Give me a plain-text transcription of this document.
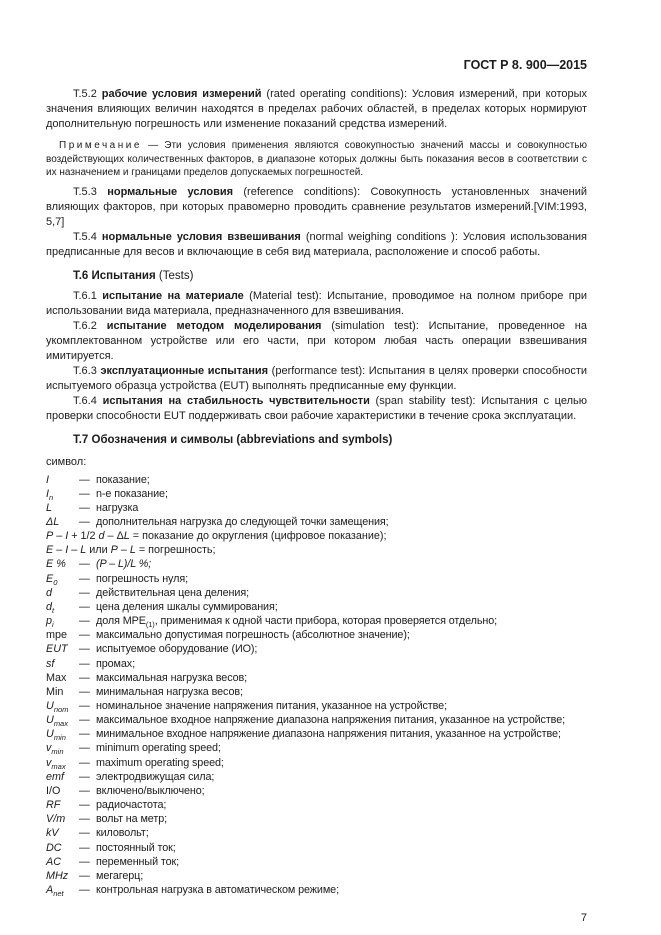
ГОСТ Р 8. 900—2015

Т.5.2 рабочие условия измерений (rated operating conditions): Условия измерений, при которых значения влияющих величин находятся в пределах рабочих областей, в пределах которых нормируют дополнительную погрешность или изменение показаний средства измерений.

Примечание — Эти условия применения являются совокупностью значений массы и совокупностью воздействующих количественных факторов, в диапазоне которых должны быть показания весов в соответствии с их назначением и границами пределов допускаемых погрешностей.

Т.5.3 нормальные условия (reference conditions): Совокупность установленных значений влияющих факторов, при которых правомерно проводить сравнение результатов измерений.[VIM:1993, 5,7]

Т.5.4 нормальные условия взвешивания (normal weighing conditions ): Условия использования предписанные для весов и включающие в себя вид материала, расположение и способ работы.

Т.6 Испытания (Tests)

Т.6.1 испытание на материале (Material test): Испытание, проводимое на полном приборе при использовании вида материала, предназначенного для взвешивания.

Т.6.2 испытание методом моделирования (simulation test): Испытание, проведенное на укомплектованном устройстве или его части, при котором любая часть операции взвешивания имитируется.

Т.6.3 эксплуатационные испытания (performance test): Испытания в целях проверки способности испытуемого образца устройства (EUT) выполнять предписанные ему функции.

Т.6.4 испытания на стабильность чувствительности (span stability test): Испытания с целью проверки способности EUT поддерживать свои рабочие характеристики в течение срока эксплуатации.

Т.7 Обозначения и символы (abbreviations and symbols)

символ:

I	— показание;
$I_n$	— n-е показание;
L	— нагрузка
ΔL	— дополнительная нагрузка до следующей точки замещения;
P – I + 1/2 d – ΔL = показание до округления (цифровое показание);
E – I – L или P – L = погрешность;
E %	— (P – L)/L %;
$E_0$	— погрешность нуля;
d	— действительная цена деления;
$d_t$	— цена деления шкалы суммирования;
$p_i$	— доля $MPE_{(1)}$, применимая к одной части прибора, которая проверяется отдельно;
mpe	— максимально допустимая погрешность (абсолютное значение);
EUT	— испытуемое оборудование (ИО);
sf	— промах;
Max	— максимальная нагрузка весов;
Min	— минимальная нагрузка весов;
$U_{nom}$ — номинальное значение напряжения питания, указанное на устройстве;
$U_{max}$	— максимальное входное напряжение диапазона напряжения питания, указанное на устройстве;
$U_{min}$	— минимальное входное напряжение диапазона напряжения питания, указанное на устройстве;
$v_{min}$	— minimum operating speed;
$v_{max}$	— maximum operating speed;
emf	— электродвижущая сила;
I/O	— включено/выключено;
RF	— радиочастота;
V/m	— вольт на метр;
kV	— киловольт;
DC	— постоянный ток;
AC	— переменный ток;
MHz — мегагерц;
$A_{net}$	— контрольная нагрузка в автоматическом режиме;
7
